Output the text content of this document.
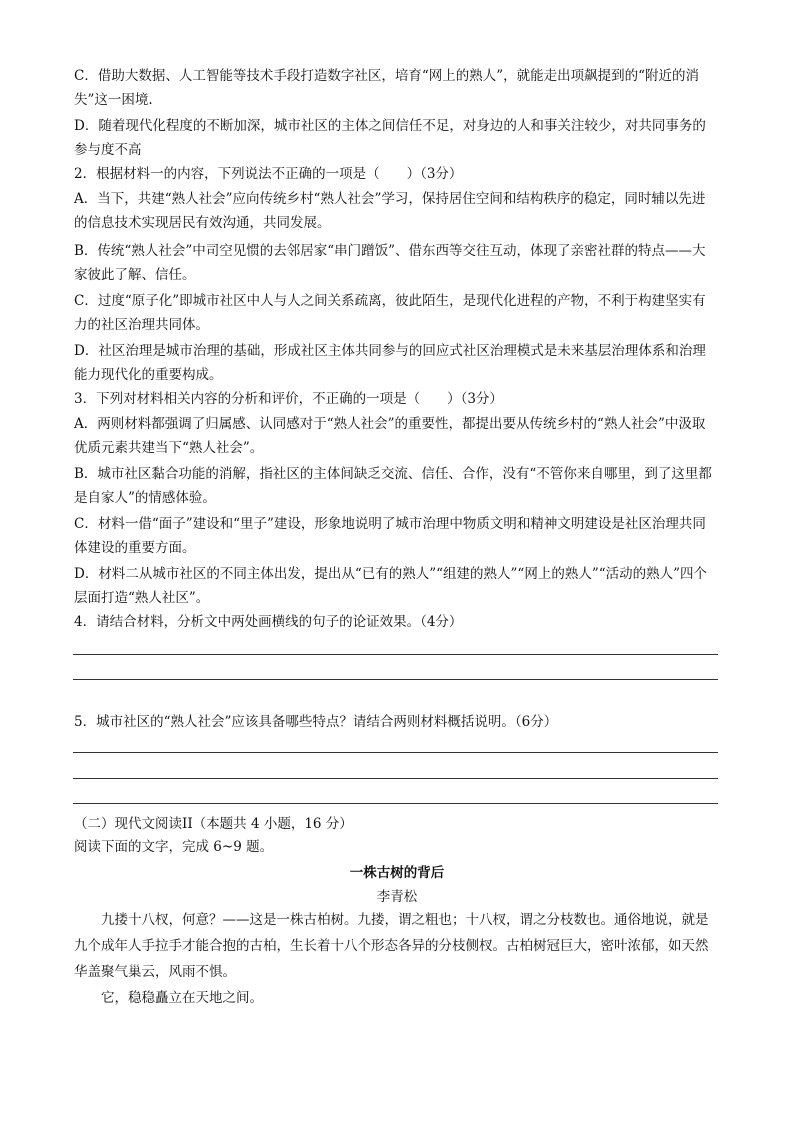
C．借助大数据、人工智能等技术手段打造数字社区，培育“网上的熟人”，就能走出项飙提到的“附近的消失”这一困境.

D．随着现代化程度的不断加深，城市社区的主体之间信任不足，对身边的人和事关注较少，对共同事务的参与度不高

2．根据材料一的内容，下列说法不正确的一项是（　　）（3分）

A．当下，共建“熟人社会”应向传统乡村“熟人社会”学习，保持居住空间和结构秩序的稳定，同时辅以先进的信息技术实现居民有效沟通，共同发展。

B．传统“熟人社会”中司空见惯的去邻居家“串门蹭饭”、借东西等交往互动，体现了亲密社群的特点——大家彼此了解、信任。

C．过度“原子化”即城市社区中人与人之间关系疏离，彼此陌生，是现代化进程的产物，不利于构建坚实有力的社区治理共同体。

D．社区治理是城市治理的基础，形成社区主体共同参与的回应式社区治理模式是未来基层治理体系和治理能力现代化的重要构成。

3．下列对材料相关内容的分析和评价，不正确的一项是（　　）（3分）

A．两则材料都强调了归属感、认同感对于“熟人社会”的重要性，都提出要从传统乡村的“熟人社会”中汲取优质元素共建当下“熟人社会”。

B．城市社区黏合功能的消解，指社区的主体间缺乏交流、信任、合作，没有“不管你来自哪里，到了这里都是自家人”的情感体验。

C．材料一借“面子”建设和“里子”建设，形象地说明了城市治理中物质文明和精神文明建设是社区治理共同体建设的重要方面。

D．材料二从城市社区的不同主体出发，提出从“已有的熟人”“组建的熟人”“网上的熟人”“活动的熟人”四个层面打造“熟人社区”。

4．请结合材料，分析文中两处画横线的句子的论证效果。（4分）

5．城市社区的“熟人社会”应该具备哪些特点？请结合两则材料概括说明。（6分）

（二）现代文阅读II（本题共 4 小题，16 分）

阅读下面的文字，完成 6~9 题。

一株古树的背后

李青松

九搂十八杈，何意？——这是一株古柏树。九搂，谓之粗也；十八杈，谓之分枝数也。通俗地说，就是九个成年人手拉手才能合抱的古柏，生长着十八个形态各异的分枝侧杈。古柏树冠巨大，密叶浓郁，如天然华盖聚气巢云，风雨不惧。

它，稳稳矗立在天地之间。
